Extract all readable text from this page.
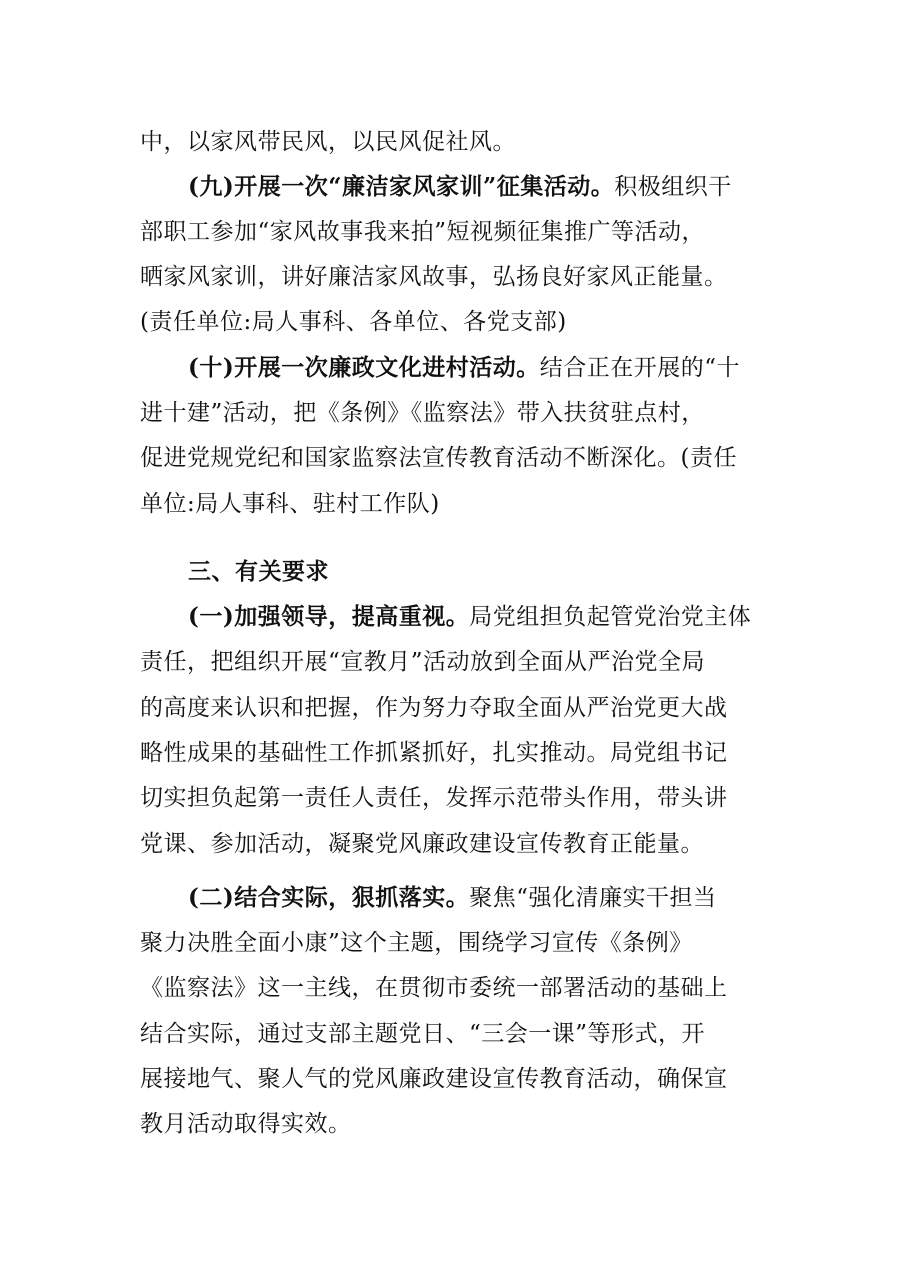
中，以家风带民风，以民风促社风。
(九)开展一次“廉洁家风家训”征集活动。积极组织干
部职工参加“家风故事我来拍”短视频征集推广等活动，
晒家风家训，讲好廉洁家风故事，弘扬良好家风正能量。
(责任单位:局人事科、各单位、各党支部)
(十)开展一次廉政文化进村活动。结合正在开展的“十
进十建”活动，把《条例》《监察法》带入扶贫驻点村，
促进党规党纪和国家监察法宣传教育活动不断深化。(责任
单位:局人事科、驻村工作队)
三、有关要求
(一)加强领导，提高重视。局党组担负起管党治党主体
责任，把组织开展“宣教月”活动放到全面从严治党全局
的高度来认识和把握，作为努力夺取全面从严治党更大战
略性成果的基础性工作抓紧抓好，扎实推动。局党组书记
切实担负起第一责任人责任，发挥示范带头作用，带头讲
党课、参加活动，凝聚党风廉政建设宣传教育正能量。
(二)结合实际，狠抓落实。聚焦“强化清廉实干担当
聚力决胜全面小康”这个主题，围绕学习宣传《条例》
《监察法》这一主线，在贯彻市委统一部署活动的基础上
结合实际，通过支部主题党日、“三会一课”等形式，开
展接地气、聚人气的党风廉政建设宣传教育活动，确保宣
教月活动取得实效。
